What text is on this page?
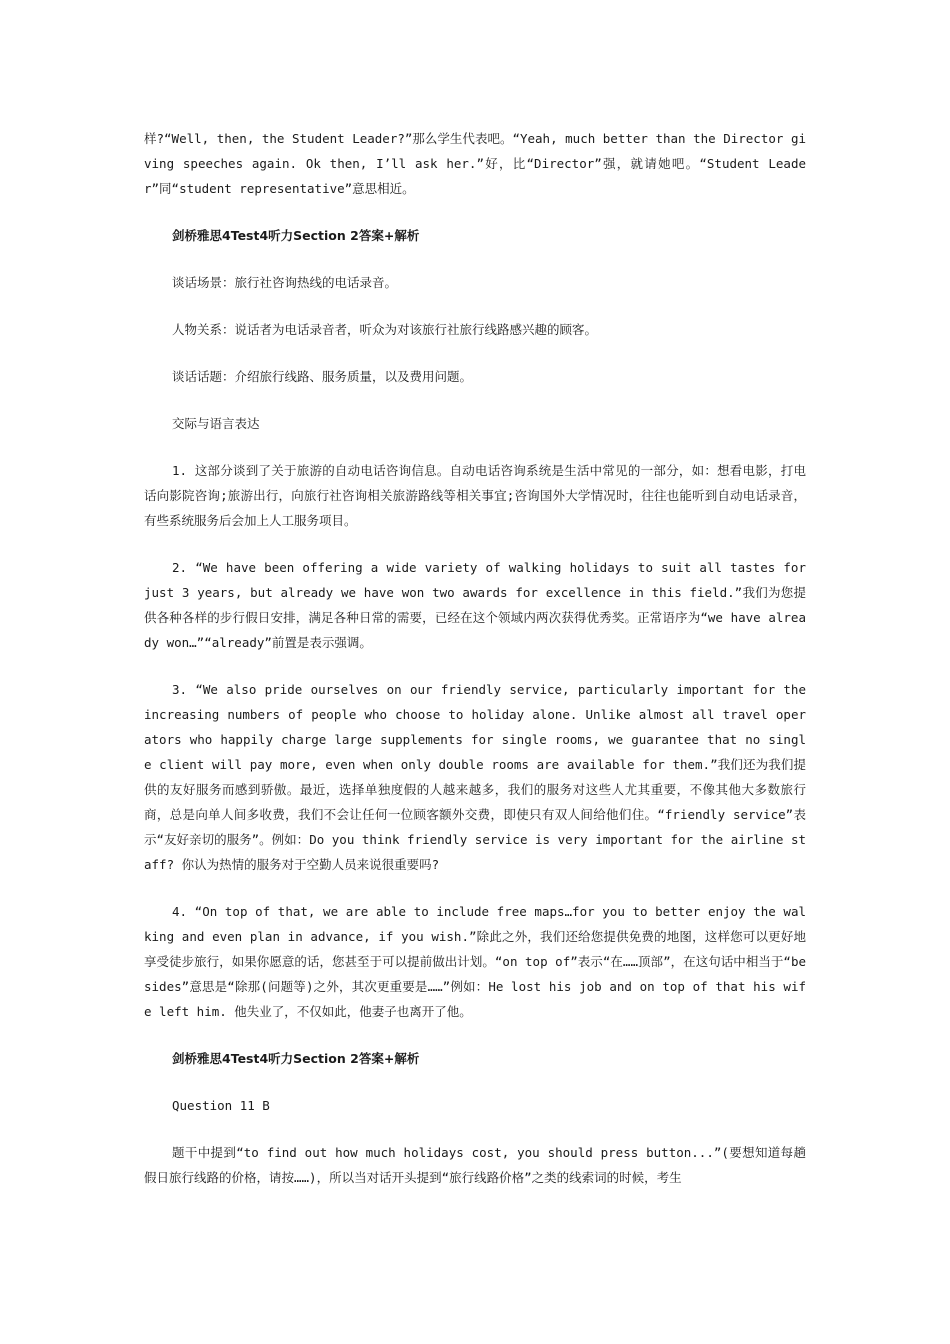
样?“Well, then, the Student Leader?”那么学生代表吧。“Yeah, much better than the Director giving speeches again. Ok then, I’ll ask her.”好，比“Director”强，就请她吧。“Student Leader”同“student representative”意思相近。

剑桥雅思4Test4听力Section 2答案+解析

谈话场景：旅行社咨询热线的电话录音。

人物关系：说话者为电话录音者，听众为对该旅行社旅行线路感兴趣的顾客。

谈话话题：介绍旅行线路、服务质量，以及费用问题。

交际与语言表达

1. 这部分谈到了关于旅游的自动电话咨询信息。自动电话咨询系统是生活中常见的一部分，如：想看电影，打电话向影院咨询;旅游出行，向旅行社咨询相关旅游路线等相关事宜;咨询国外大学情况时，往往也能听到自动电话录音，有些系统服务后会加上人工服务项目。

2. “We have been offering a wide variety of walking holidays to suit all tastes for just 3 years, but already we have won two awards for excellence in this field.”我们为您提供各种各样的步行假日安排，满足各种日常的需要，已经在这个领域内两次获得优秀奖。正常语序为“we have already won…”“already”前置是表示强调。

3. “We also pride ourselves on our friendly service, particularly important for the increasing numbers of people who choose to holiday alone. Unlike almost all travel operators who happily charge large supplements for single rooms, we guarantee that no single client will pay more, even when only double rooms are available for them.”我们还为我们提供的友好服务而感到骄傲。最近，选择单独度假的人越来越多，我们的服务对这些人尤其重要，不像其他大多数旅行商，总是向单人间多收费，我们不会让任何一位顾客额外交费，即使只有双人间给他们住。“friendly service”表示“友好亲切的服务”。例如：Do you think friendly service is very important for the airline staff? 你认为热情的服务对于空勤人员来说很重要吗?

4. “On top of that, we are able to include free maps…for you to better enjoy the walking and even plan in advance, if you wish.”除此之外，我们还给您提供免费的地图，这样您可以更好地享受徒步旅行，如果你愿意的话，您甚至于可以提前做出计划。“on top of”表示“在……顶部”，在这句话中相当于“besides”意思是“除那(问题等)之外，其次更重要是……”例如：He lost his job and on top of that his wife left him. 他失业了，不仅如此，他妻子也离开了他。

剑桥雅思4Test4听力Section 2答案+解析

Question 11 B

题干中提到“to find out how much holidays cost, you should press button...”(要想知道每趟假日旅行线路的价格，请按……)，所以当对话开头提到“旅行线路价格”之类的线索词的时候，考生
